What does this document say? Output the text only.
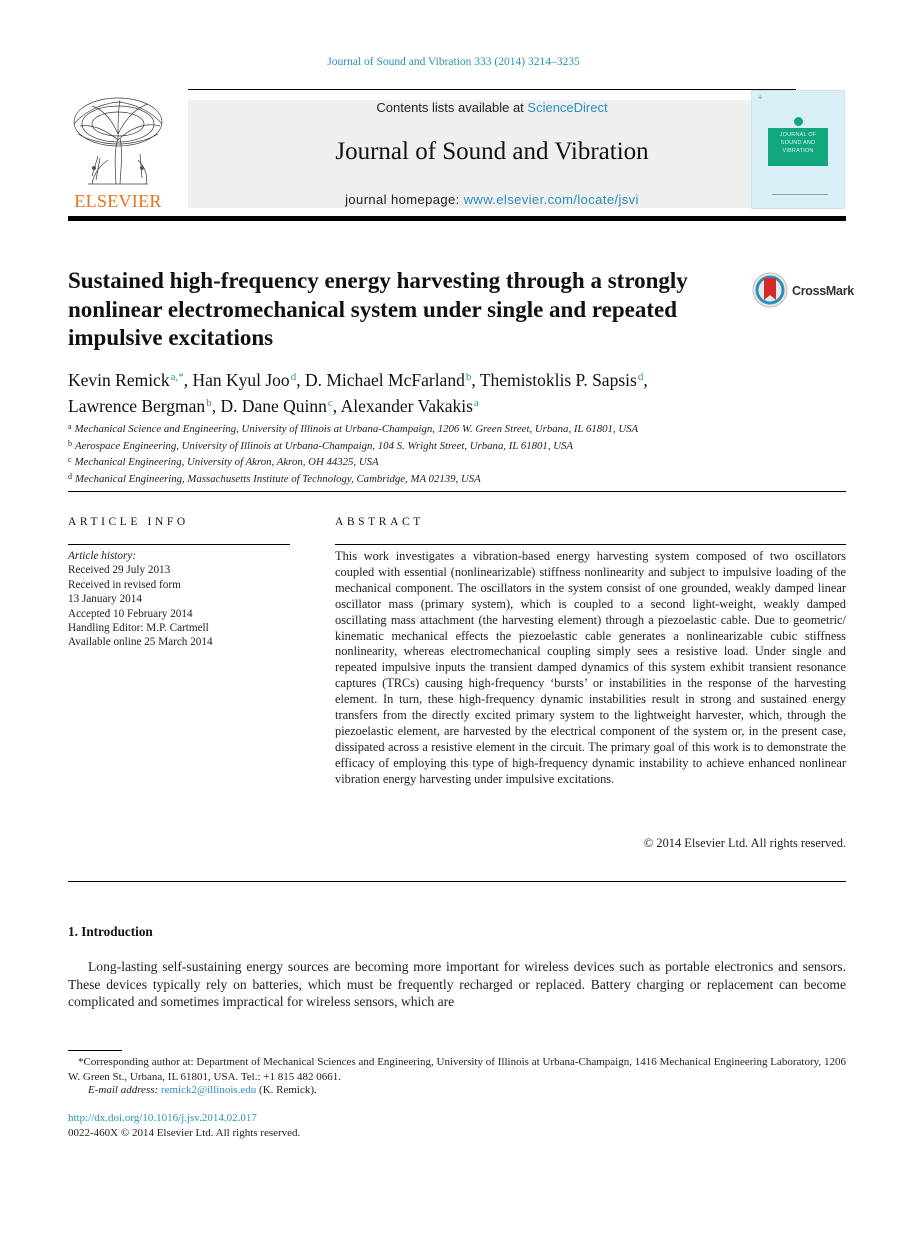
Journal of Sound and Vibration 333 (2014) 3214–3235
ELSEVIER
Contents lists available at ScienceDirect
Journal of Sound and Vibration
journal homepage: www.elsevier.com/locate/jsvi
✢
JOURNAL OF
SOUND AND
VIBRATION
Sustained high-frequency energy harvesting through a strongly nonlinear electromechanical system under single and repeated impulsive excitations
CrossMark
Kevin Remick$^{a,*}$, Han Kyul Joo$^d$, D. Michael McFarland$^b$, Themistoklis P. Sapsis$^d$,
Lawrence Bergman$^b$, D. Dane Quinn$^c$, Alexander Vakakis$^a$
$^a$ Mechanical Science and Engineering, University of Illinois at Urbana-Champaign, 1206 W. Green Street, Urbana, IL 61801, USA
$^b$ Aerospace Engineering, University of Illinois at Urbana-Champaign, 104 S. Wright Street, Urbana, IL 61801, USA
$^c$ Mechanical Engineering, University of Akron, Akron, OH 44325, USA
$^d$ Mechanical Engineering, Massachusetts Institute of Technology, Cambridge, MA 02139, USA
ARTICLE INFO	ABSTRACT
Article history:
Received 29 July 2013
Received in revised form
13 January 2014
Accepted 10 February 2014
Handling Editor: M.P. Cartmell
Available online 25 March 2014

This work investigates a vibration-based energy harvesting system composed of two oscillators coupled with essential (nonlinearizable) stiffness nonlinearity and subject to impulsive loading of the mechanical component. The oscillators in the system consist of one grounded, weakly damped linear oscillator mass (primary system), which is coupled to a second light-weight, weakly damped oscillating mass attachment (the harvesting element) through a piezoelastic cable. Due to geometric/ kinematic mechanical effects the piezoelastic cable generates a nonlinearizable cubic stiffness nonlinearity, whereas electromechanical coupling simply sees a resistive load. Under single and repeated impulsive inputs the transient damped dynamics of this system exhibit transient resonance captures (TRCs) causing high-frequency ‘bursts’ or instabilities in the response of the harvesting element. In turn, these high-frequency dynamic instabilities result in strong and sustained energy transfers from the directly excited primary system to the lightweight harvester, which, through the piezoelastic element, are harvested by the electrical component of the system or, in the present case, dissipated across a resistive element in the circuit. The primary goal of this work is to demonstrate the efficacy of employing this type of high-frequency dynamic instability to achieve enhanced nonlinear vibration energy harvesting under impulsive excitations.

© 2014 Elsevier Ltd. All rights reserved.
1. Introduction

Long-lasting self-sustaining energy sources are becoming more important for wireless devices such as portable electronics and sensors. These devices typically rely on batteries, which must be frequently recharged or replaced. Battery charging or replacement can become complicated and sometimes impractical for wireless sensors, which are

*Corresponding author at: Department of Mechanical Sciences and Engineering, University of Illinois at Urbana-Champaign, 1416 Mechanical Engineering Laboratory, 1206 W. Green St., Urbana, IL 61801, USA. Tel.: +1 815 482 0661.

E-mail address: remick2@illinois.edu (K. Remick).
http://dx.doi.org/10.1016/j.jsv.2014.02.017
0022-460X © 2014 Elsevier Ltd. All rights reserved.
